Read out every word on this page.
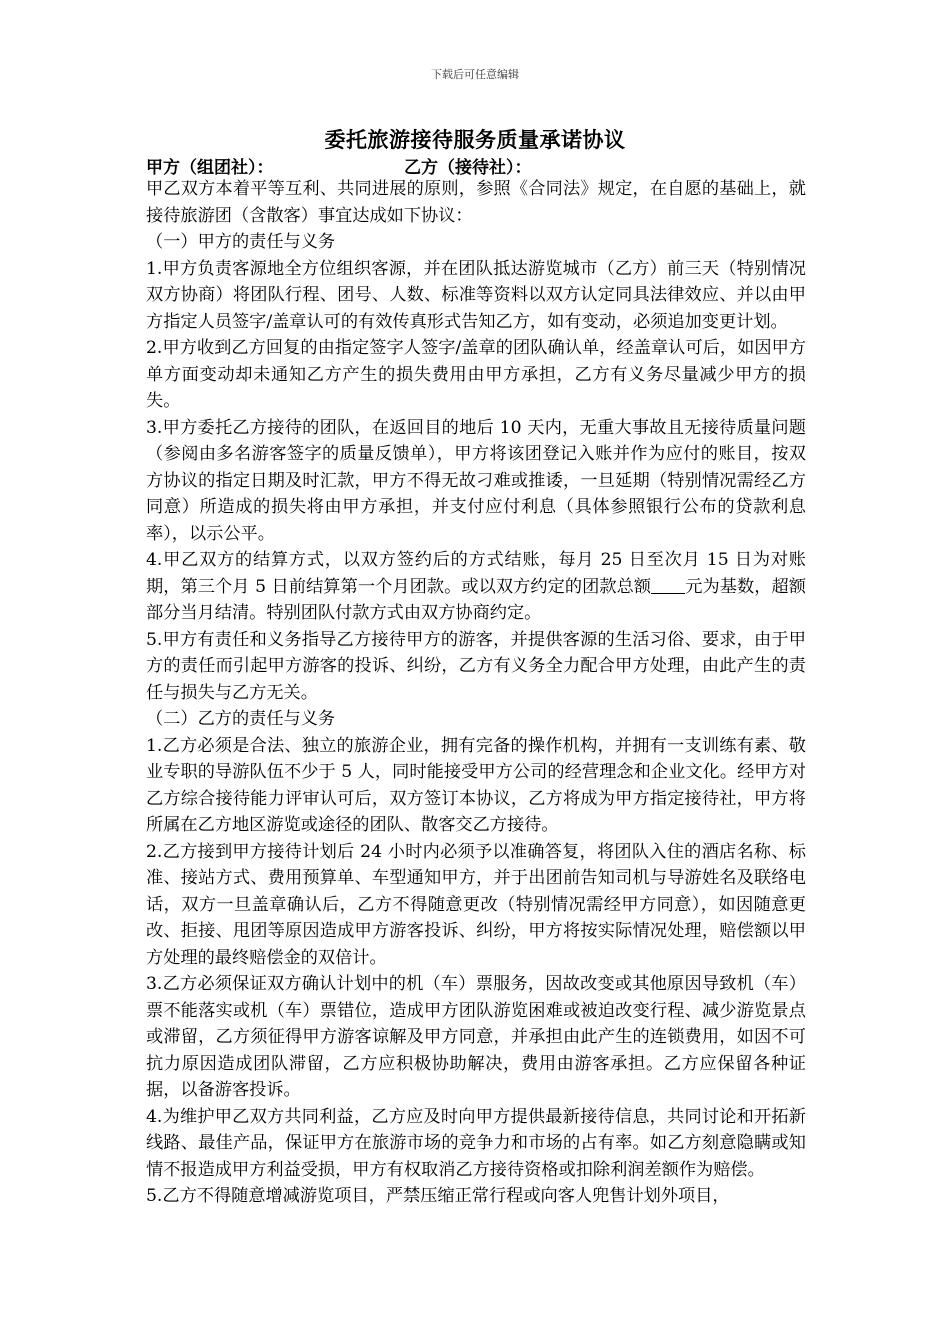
下载后可任意编辑
委托旅游接待服务质量承诺协议
甲方（组团社）：	乙方（接待社）：

甲乙双方本着平等互利、共同进展的原则，参照《合同法》规定，在自愿的基础上，就接待旅游团（含散客）事宜达成如下协议：

（一）甲方的责任与义务

1.甲方负责客源地全方位组织客源，并在团队抵达游览城市（乙方）前三天（特别情况双方协商）将团队行程、团号、人数、标准等资料以双方认定同具法律效应、并以由甲方指定人员签字/盖章认可的有效传真形式告知乙方，如有变动，必须追加变更计划。

2.甲方收到乙方回复的由指定签字人签字/盖章的团队确认单，经盖章认可后，如因甲方单方面变动却未通知乙方产生的损失费用由甲方承担，乙方有义务尽量减少甲方的损失。

3.甲方委托乙方接待的团队，在返回目的地后 10 天内，无重大事故且无接待质量问题（参阅由多名游客签字的质量反馈单），甲方将该团登记入账并作为应付的账目，按双方协议的指定日期及时汇款，甲方不得无故刁难或推诿，一旦延期（特别情况需经乙方同意）所造成的损失将由甲方承担，并支付应付利息（具体参照银行公布的贷款利息率），以示公平。

4.甲乙双方的结算方式，以双方签约后的方式结账，每月 25 日至次月 15 日为对账期，第三个月 5 日前结算第一个月团款。或以双方约定的团款总额 元为基数，超额部分当月结清。特别团队付款方式由双方协商约定。

5.甲方有责任和义务指导乙方接待甲方的游客，并提供客源的生活习俗、要求，由于甲方的责任而引起甲方游客的投诉、纠纷，乙方有义务全力配合甲方处理，由此产生的责任与损失与乙方无关。

（二）乙方的责任与义务

1.乙方必须是合法、独立的旅游企业，拥有完备的操作机构，并拥有一支训练有素、敬业专职的导游队伍不少于 5 人，同时能接受甲方公司的经营理念和企业文化。经甲方对乙方综合接待能力评审认可后，双方签订本协议，乙方将成为甲方指定接待社，甲方将所属在乙方地区游览或途径的团队、散客交乙方接待。

2.乙方接到甲方接待计划后 24 小时内必须予以准确答复，将团队入住的酒店名称、标准、接站方式、费用预算单、车型通知甲方，并于出团前告知司机与导游姓名及联络电话，双方一旦盖章确认后，乙方不得随意更改（特别情况需经甲方同意），如因随意更改、拒接、甩团等原因造成甲方游客投诉、纠纷，甲方将按实际情况处理，赔偿额以甲方处理的最终赔偿金的双倍计。

3.乙方必须保证双方确认计划中的机（车）票服务，因故改变或其他原因导致机（车）票不能落实或机（车）票错位，造成甲方团队游览困难或被迫改变行程、减少游览景点或滞留，乙方须征得甲方游客谅解及甲方同意，并承担由此产生的连锁费用，如因不可抗力原因造成团队滞留，乙方应积极协助解决，费用由游客承担。乙方应保留各种证据，以备游客投诉。

4.为维护甲乙双方共同利益，乙方应及时向甲方提供最新接待信息，共同讨论和开拓新线路、最佳产品，保证甲方在旅游市场的竞争力和市场的占有率。如乙方刻意隐瞒或知情不报造成甲方利益受损，甲方有权取消乙方接待资格或扣除利润差额作为赔偿。

5.乙方不得随意增减游览项目，严禁压缩正常行程或向客人兜售计划外项目，
